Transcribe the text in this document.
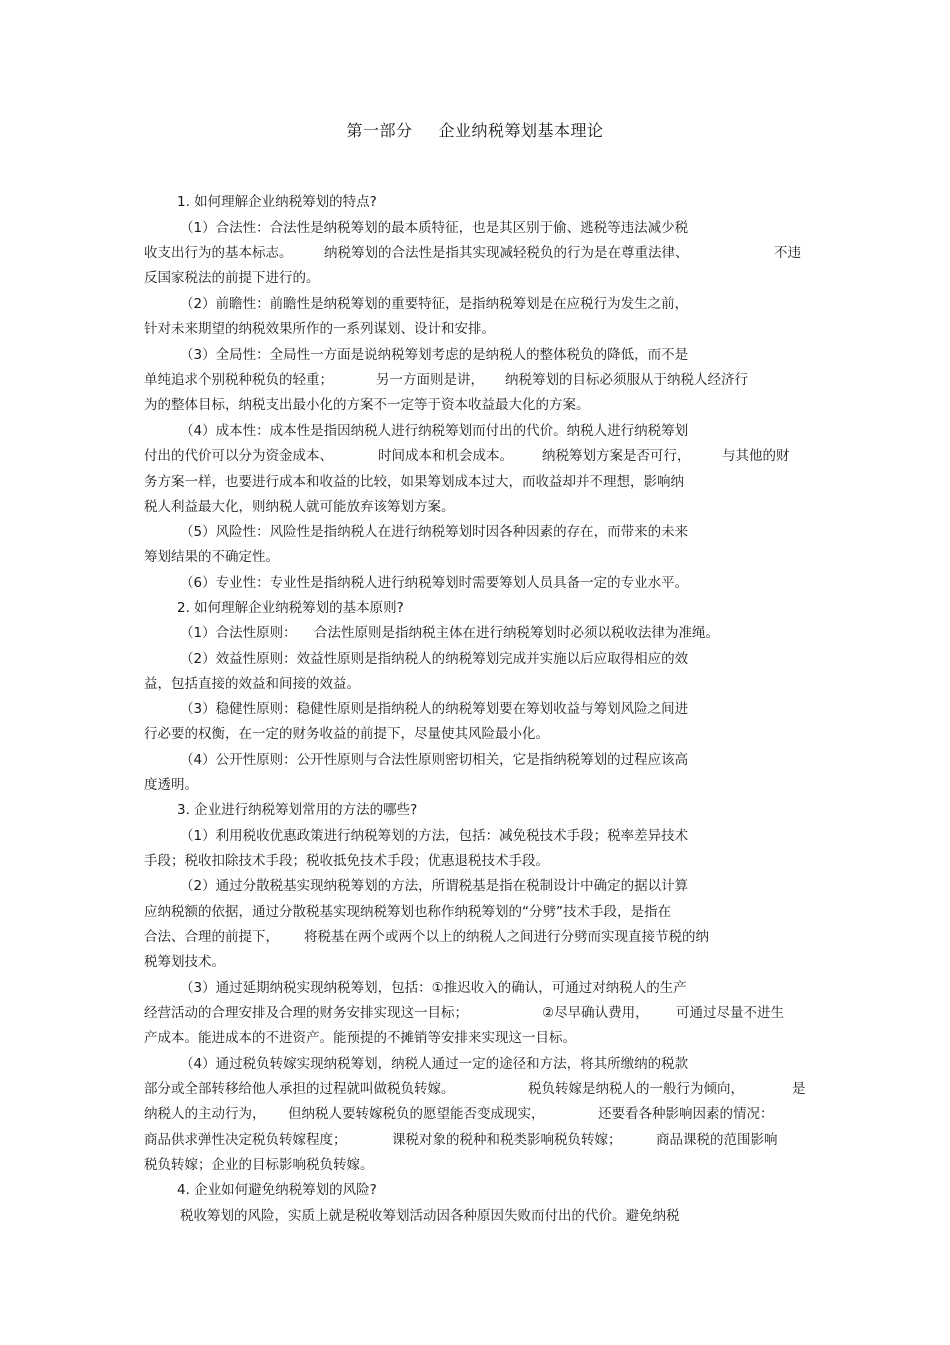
第一部分 企业纳税筹划基本理论
1. 如何理解企业纳税筹划的特点?
（1）合法性：合法性是纳税筹划的最本质特征，也是其区别于偷、逃税等违法减少税
收支出行为的基本标志。 纳税筹划的合法性是指其实现减轻税负的行为是在尊重法律、	不违
反国家税法的前提下进行的。
（2）前瞻性：前瞻性是纳税筹划的重要特征，是指纳税筹划是在应税行为发生之前，
针对未来期望的纳税效果所作的一系列谋划、设计和安排。
（3）全局性：全局性一方面是说纳税筹划考虑的是纳税人的整体税负的降低，而不是
单纯追求个别税种税负的轻重；	另一方面则是讲， 纳税筹划的目标必须服从于纳税人经济行
为的整体目标，纳税支出最小化的方案不一定等于资本收益最大化的方案。
（4）成本性：成本性是指因纳税人进行纳税筹划而付出的代价。纳税人进行纳税筹划
付出的代价可以分为资金成本、	时间成本和机会成本。 纳税筹划方案是否可行， 与其他的财
务方案一样，也要进行成本和收益的比较，如果筹划成本过大，而收益却并不理想，影响纳
税人利益最大化，则纳税人就可能放弃该筹划方案。
（5）风险性：风险性是指纳税人在进行纳税筹划时因各种因素的存在，而带来的未来
筹划结果的不确定性。
（6）专业性：专业性是指纳税人进行纳税筹划时需要筹划人员具备一定的专业水平。
2. 如何理解企业纳税筹划的基本原则?
（1）合法性原则： 合法性原则是指纳税主体在进行纳税筹划时必须以税收法律为准绳。
（2）效益性原则：效益性原则是指纳税人的纳税筹划完成并实施以后应取得相应的效
益，包括直接的效益和间接的效益。
（3）稳健性原则：稳健性原则是指纳税人的纳税筹划要在筹划收益与筹划风险之间进
行必要的权衡，在一定的财务收益的前提下，尽量使其风险最小化。
（4）公开性原则：公开性原则与合法性原则密切相关，它是指纳税筹划的过程应该高
度透明。
3. 企业进行纳税筹划常用的方法的哪些?
（1）利用税收优惠政策进行纳税筹划的方法，包括：减免税技术手段；税率差异技术
手段；税收扣除技术手段；税收抵免技术手段；优惠退税技术手段。
（2）通过分散税基实现纳税筹划的方法，所谓税基是指在税制设计中确定的据以计算
应纳税额的依据，通过分散税基实现纳税筹划也称作纳税筹划的“分劈”技术手段，是指在
合法、合理的前提下， 将税基在两个或两个以上的纳税人之间进行分劈而实现直接节税的纳
税筹划技术。
（3）通过延期纳税实现纳税筹划，包括：①推迟收入的确认，可通过对纳税人的生产
经营活动的合理安排及合理的财务安排实现这一目标；	②尽早确认费用， 可通过尽量不进生
产成本。能进成本的不进资产。能预提的不摊销等安排来实现这一目标。
（4）通过税负转嫁实现纳税筹划，纳税人通过一定的途径和方法，将其所缴纳的税款
部分或全部转移给他人承担的过程就叫做税负转嫁。	税负转嫁是纳税人的一般行为倾向，	是
纳税人的主动行为， 但纳税人要转嫁税负的愿望能否变成现实，	还要看各种影响因素的情况：
商品供求弹性决定税负转嫁程度；	课税对象的税种和税类影响税负转嫁；	商品课税的范围影响
税负转嫁；企业的目标影响税负转嫁。
4. 企业如何避免纳税筹划的风险?
税收筹划的风险，实质上就是税收筹划活动因各种原因失败而付出的代价。避免纳税
